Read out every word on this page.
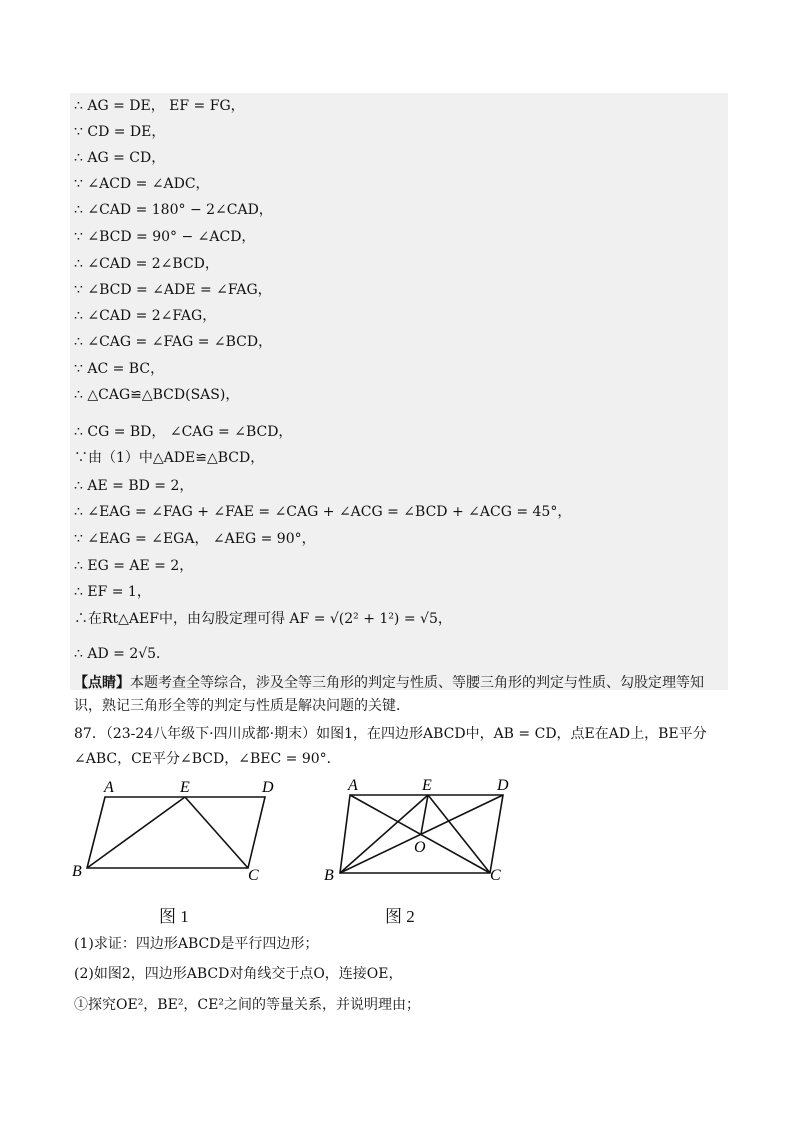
∴ AG = DE， EF = FG，
∵ CD = DE，
∴ AG = CD，
∵ ∠ACD = ∠ADC，
∴ ∠CAD = 180° − 2∠CAD，
∵ ∠BCD = 90° − ∠ACD，
∴ ∠CAD = 2∠BCD，
∵ ∠BCD = ∠ADE = ∠FAG，
∴ ∠CAD = 2∠FAG，
∴ ∠CAG = ∠FAG = ∠BCD，
∵ AC = BC，
∴ △CAG≌△BCD(SAS)，
∴ CG = BD， ∠CAG = ∠BCD，
∵由（1）中△ADE≌△BCD，
∴ AE = BD = 2，
∴ ∠EAG = ∠FAG + ∠FAE = ∠CAG + ∠ACG = ∠BCD + ∠ACG = 45°，
∵ ∠EAG = ∠EGA， ∠AEG = 90°，
∴ EG = AE = 2，
∴ EF = 1，
∴在Rt△AEF中，由勾股定理可得 AF = √(2² + 1²) = √5，
∴ AD = 2√5．
【点睛】本题考查全等综合，涉及全等三角形的判定与性质、等腰三角形的判定与性质、勾股定理等知识，熟记三角形全等的判定与性质是解决问题的关键．
87．（23-24八年级下·四川成都·期末）如图1，在四边形ABCD中，AB = CD，点E在AD上，BE平分
∠ABC，CE平分∠BCD，∠BEC = 90°．
A	E	D
B	C
A	E	D
O
B	C
图 1	图 2
(1)求证：四边形ABCD是平行四边形；
(2)如图2，四边形ABCD对角线交于点O，连接OE，
①探究OE²，BE²，CE²之间的等量关系，并说明理由；
